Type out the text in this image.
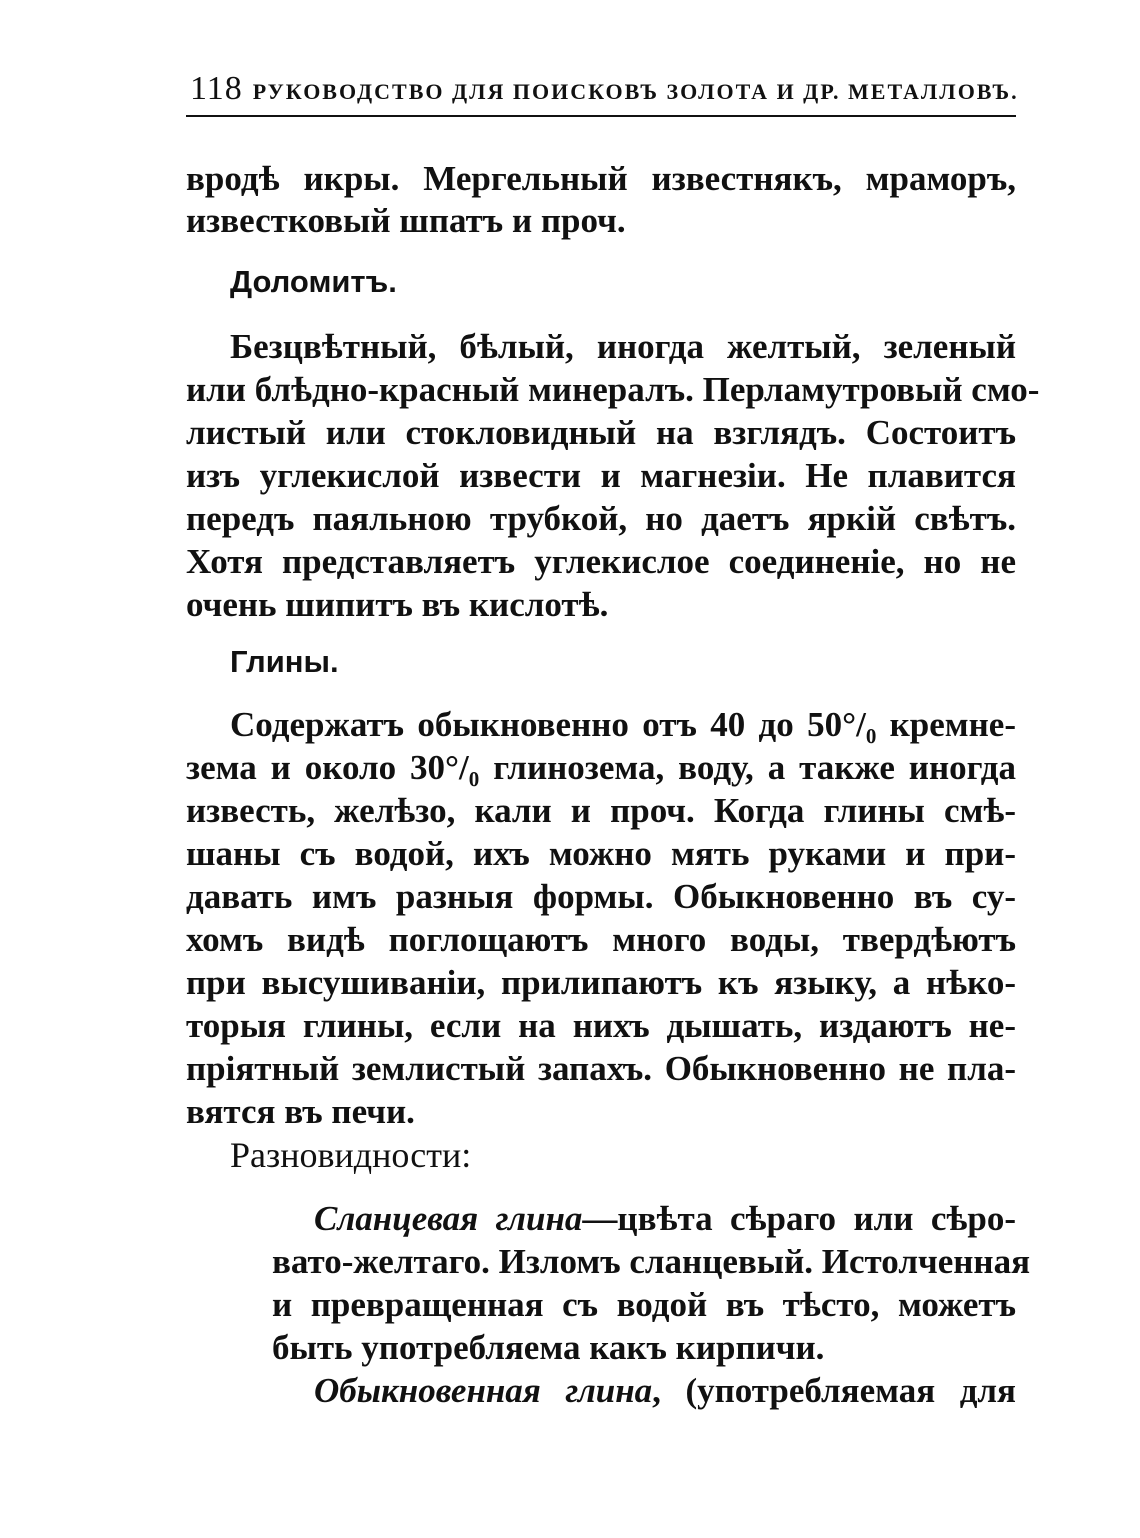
118 РУКОВОДСТВО ДЛЯ ПОИСКОВЪ ЗОЛОТА И ДР. МЕТАЛЛОВЪ.
вродѣ икры. Мергельный известнякъ, мраморъ,
известковый шпатъ и проч.
Доломитъ.
Безцвѣтный, бѣлый, иногда желтый, зеленый
или блѣдно-красный минералъ. Перламутровый смо-
листый или стокловидный на взглядъ. Состоитъ
изъ углекислой извести и магнезіи. Не плавится
передъ паяльною трубкой, но даетъ яркій свѣтъ.
Хотя представляетъ углекислое соединеніе, но не
очень шипитъ въ кислотѣ.
Глины.
Содержатъ обыкновенно отъ 40 до 50°/₀ кремне-
зема и около 30°/₀ глинозема, воду, а также иногда
известь, желѣзо, кали и проч. Когда глины смѣ-
шаны съ водой, ихъ можно мять руками и при-
давать имъ разныя формы. Обыкновенно въ су-
хомъ видѣ поглощаютъ много воды, твердѣютъ
при высушиваніи, прилипаютъ къ языку, а нѣко-
торыя глины, если на нихъ дышать, издаютъ не-
пріятный землистый запахъ. Обыкновенно не пла-
вятся въ печи.
Разновидности:
Сланцевая глина—цвѣта сѣраго или сѣро-
вато-желтаго. Изломъ сланцевый. Истолченная
и превращенная съ водой въ тѣсто, можетъ
быть употребляема какъ кирпичи.
Обыкновенная глина, (употребляемая для
